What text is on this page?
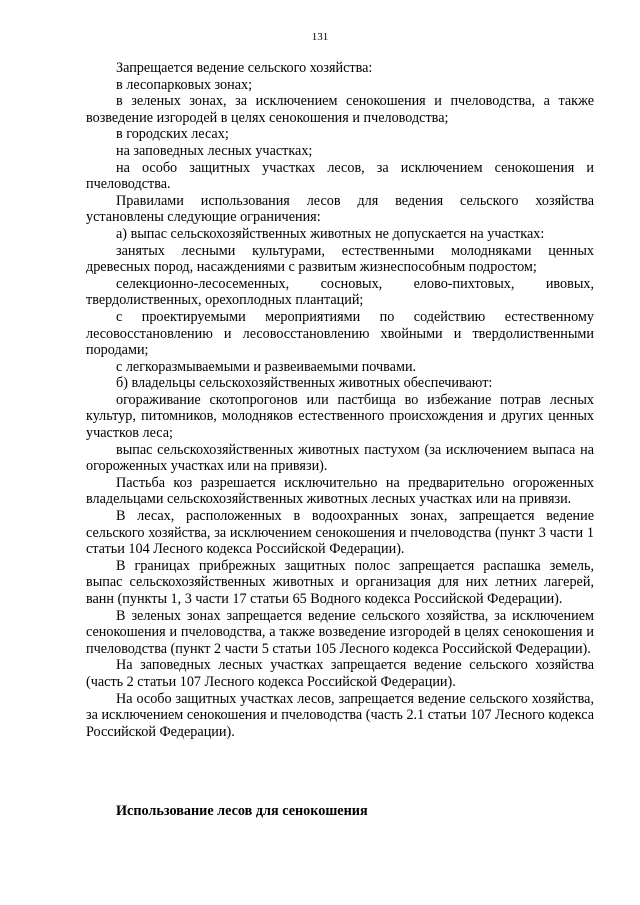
131

Запрещается ведение сельского хозяйства:

в лесопарковых зонах;

в зеленых зонах, за исключением сенокошения и пчеловодства, а также возведение изгородей в целях сенокошения и пчеловодства;

в городских лесах;

на заповедных лесных участках;

на особо защитных участках лесов, за исключением сенокошения и пчеловодства.

Правилами использования лесов для ведения сельского хозяйства установлены следующие ограничения:

а) выпас сельскохозяйственных животных не допускается на участках:

занятых лесными культурами, естественными молодняками ценных древесных пород, насаждениями с развитым жизнеспособным подростом;

селекционно-лесосеменных, сосновых, елово-пихтовых, ивовых, твердолиственных, орехоплодных плантаций;

с проектируемыми мероприятиями по содействию естественному лесовосстановлению и лесовосстановлению хвойными и твердолиственными породами;

с легкоразмываемыми и развеиваемыми почвами.

б) владельцы сельскохозяйственных животных обеспечивают:

огораживание скотопрогонов или пастбища во избежание потрав лесных культур, питомников, молодняков естественного происхождения и других ценных участков леса;

выпас сельскохозяйственных животных пастухом (за исключением выпаса на огороженных участках или на привязи).

Пастьба коз разрешается исключительно на предварительно огороженных владельцами сельскохозяйственных животных лесных участках или на привязи.

В лесах, расположенных в водоохранных зонах, запрещается ведение сельского хозяйства, за исключением сенокошения и пчеловодства (пункт 3 части 1 статьи 104 Лесного кодекса Российской Федерации).

В границах прибрежных защитных полос запрещается распашка земель, выпас сельскохозяйственных животных и организация для них летних лагерей, ванн (пункты 1, 3 части 17 статьи 65 Водного кодекса Российской Федерации).

В зеленых зонах запрещается ведение сельского хозяйства, за исключением сенокошения и пчеловодства, а также возведение изгородей в целях сенокошения и пчеловодства (пункт 2 части 5 статьи 105 Лесного кодекса Российской Федерации).

На заповедных лесных участках запрещается ведение сельского хозяйства (часть 2 статьи 107 Лесного кодекса Российской Федерации).

На особо защитных участках лесов, запрещается ведение сельского хозяйства, за исключением сенокошения и пчеловодства (часть 2.1 статьи 107 Лесного кодекса Российской Федерации).

Использование лесов для сенокошения
